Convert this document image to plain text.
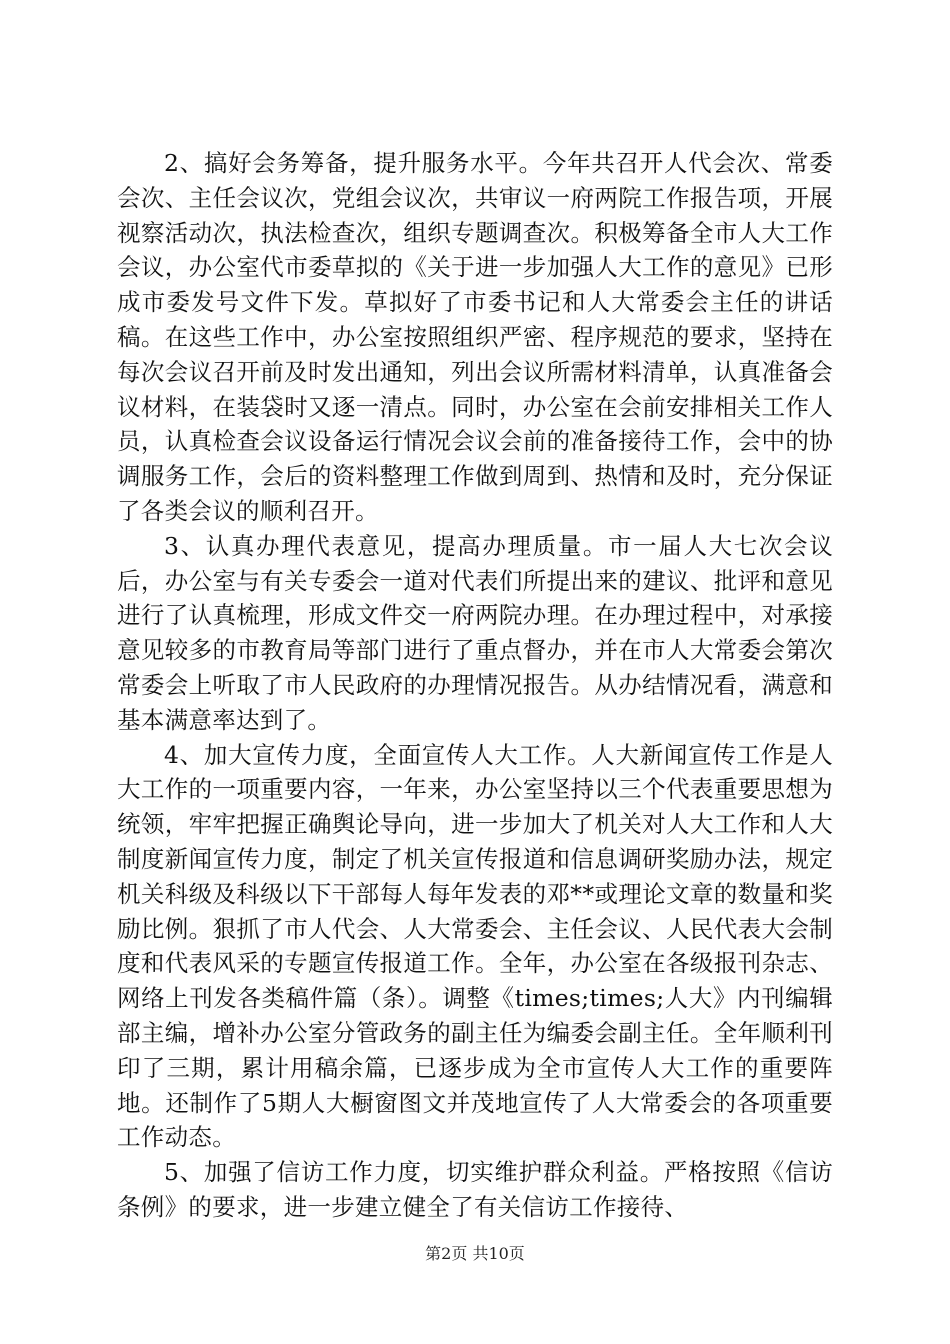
2、搞好会务筹备，提升服务水平。今年共召开人代会次、常委会次、主任会议次，党组会议次，共审议一府两院工作报告项，开展视察活动次，执法检查次，组织专题调查次。积极筹备全市人大工作会议，办公室代市委草拟的《关于进一步加强人大工作的意见》已形成市委发号文件下发。草拟好了市委书记和人大常委会主任的讲话稿。在这些工作中，办公室按照组织严密、程序规范的要求，坚持在每次会议召开前及时发出通知，列出会议所需材料清单，认真准备会议材料，在装袋时又逐一清点。同时，办公室在会前安排相关工作人员，认真检查会议设备运行情况会议会前的准备接待工作，会中的协调服务工作，会后的资料整理工作做到周到、热情和及时，充分保证了各类会议的顺利召开。

3、认真办理代表意见，提高办理质量。市一届人大七次会议后，办公室与有关专委会一道对代表们所提出来的建议、批评和意见进行了认真梳理，形成文件交一府两院办理。在办理过程中，对承接意见较多的市教育局等部门进行了重点督办，并在市人大常委会第次常委会上听取了市人民政府的办理情况报告。从办结情况看，满意和基本满意率达到了。

4、加大宣传力度，全面宣传人大工作。人大新闻宣传工作是人大工作的一项重要内容，一年来，办公室坚持以三个代表重要思想为统领，牢牢把握正确舆论导向，进一步加大了机关对人大工作和人大制度新闻宣传力度，制定了机关宣传报道和信息调研奖励办法，规定机关科级及科级以下干部每人每年发表的邓**或理论文章的数量和奖励比例。狠抓了市人代会、人大常委会、主任会议、人民代表大会制度和代表风采的专题宣传报道工作。全年，办公室在各级报刊杂志、网络上刊发各类稿件篇（条）。调整《times;times;人大》内刊编辑部主编，增补办公室分管政务的副主任为编委会副主任。全年顺利刊印了三期，累计用稿余篇，已逐步成为全市宣传人大工作的重要阵地。还制作了5期人大橱窗图文并茂地宣传了人大常委会的各项重要工作动态。

5、加强了信访工作力度，切实维护群众利益。严格按照《信访条例》的要求，进一步建立健全了有关信访工作接待、

第2页 共10页
